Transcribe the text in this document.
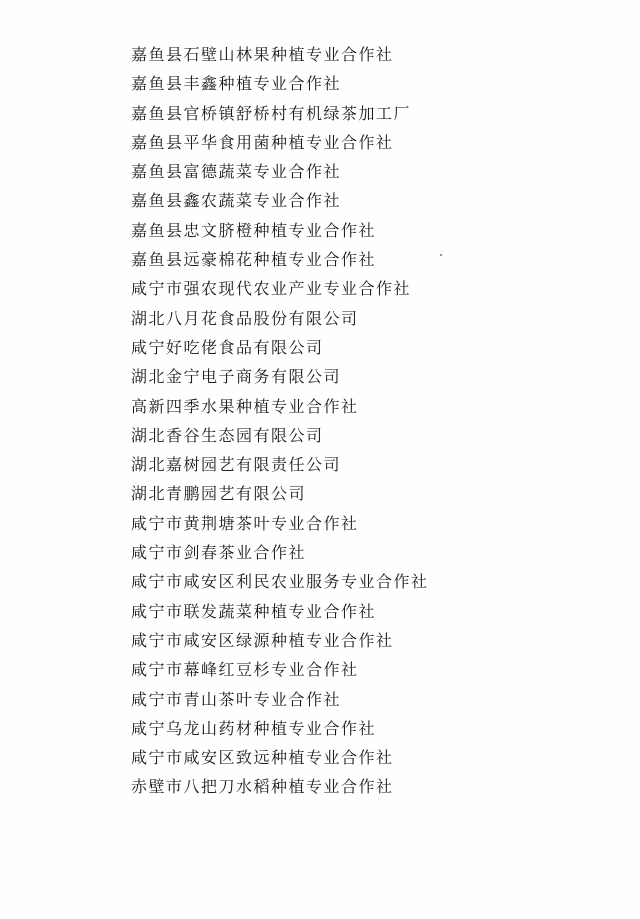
嘉鱼县石壁山林果种植专业合作社
嘉鱼县丰鑫种植专业合作社
嘉鱼县官桥镇舒桥村有机绿茶加工厂
嘉鱼县平华食用菌种植专业合作社
嘉鱼县富德蔬菜专业合作社
嘉鱼县鑫农蔬菜专业合作社
嘉鱼县忠文脐橙种植专业合作社
嘉鱼县远豪棉花种植专业合作社
咸宁市强农现代农业产业专业合作社
湖北八月花食品股份有限公司
咸宁好吃佬食品有限公司
湖北金宁电子商务有限公司
高新四季水果种植专业合作社
湖北香谷生态园有限公司
湖北嘉树园艺有限责任公司
湖北青鹏园艺有限公司
咸宁市黄荆塘茶叶专业合作社
咸宁市剑春茶业合作社
咸宁市咸安区利民农业服务专业合作社
咸宁市联发蔬菜种植专业合作社
咸宁市咸安区绿源种植专业合作社
咸宁市幕峰红豆杉专业合作社
咸宁市青山茶叶专业合作社
咸宁乌龙山药材种植专业合作社
咸宁市咸安区致远种植专业合作社
赤壁市八把刀水稻种植专业合作社
